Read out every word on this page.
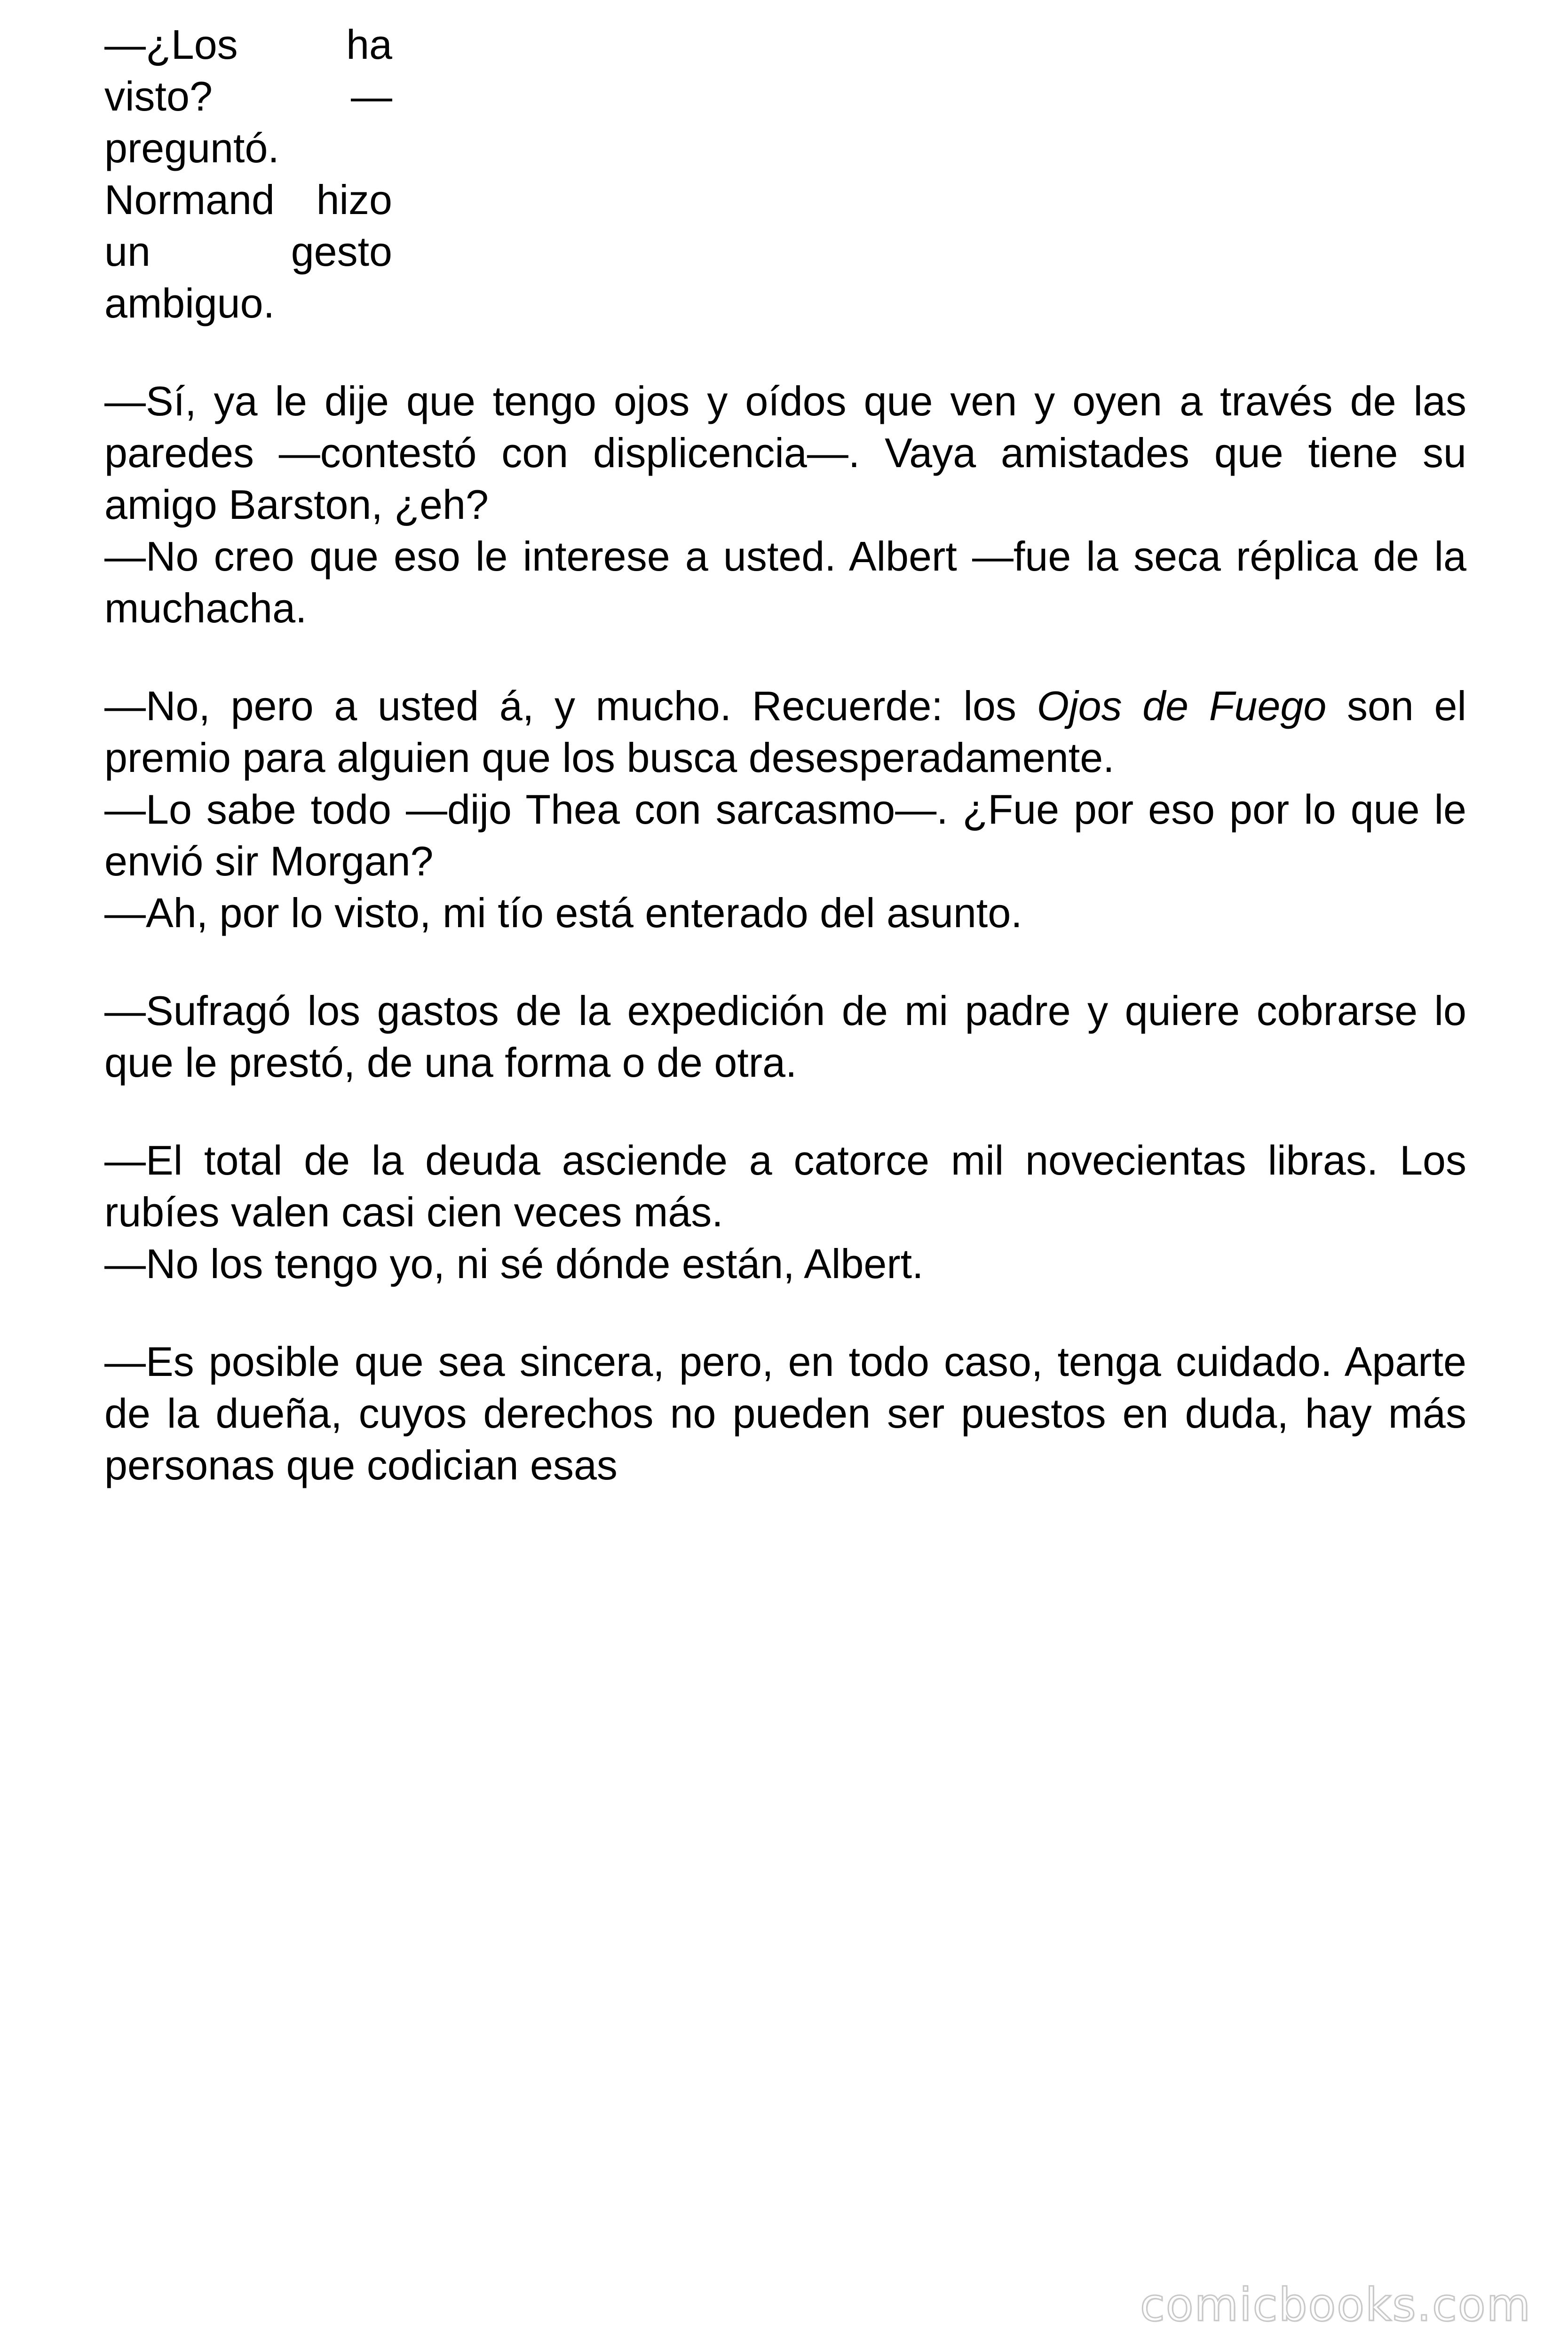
—¿Los ha visto? —preguntó. Normand hizo un gesto ambiguo.

—Sí, ya le dije que tengo ojos y oídos que ven y oyen a través de las paredes —contestó con displicencia—. Vaya amistades que tiene su amigo Barston, ¿eh?

—No creo que eso le interese a usted. Albert —fue la seca réplica de la muchacha.

—No, pero a usted á, y mucho. Recuerde: los Ojos de Fuego son el premio para alguien que los busca desesperadamente.

—Lo sabe todo —dijo Thea con sarcasmo—. ¿Fue por eso por lo que le envió sir Morgan?

—Ah, por lo visto, mi tío está enterado del asunto.

—Sufragó los gastos de la expedición de mi padre y quiere cobrarse lo que le prestó, de una forma o de otra.

—El total de la deuda asciende a catorce mil novecientas libras. Los rubíes valen casi cien veces más.

—No los tengo yo, ni sé dónde están, Albert.

—Es posible que sea sincera, pero, en todo caso, tenga cuidado. Aparte de la dueña, cuyos derechos no pueden ser puestos en duda, hay más personas que codician esas

comicbooks.com
